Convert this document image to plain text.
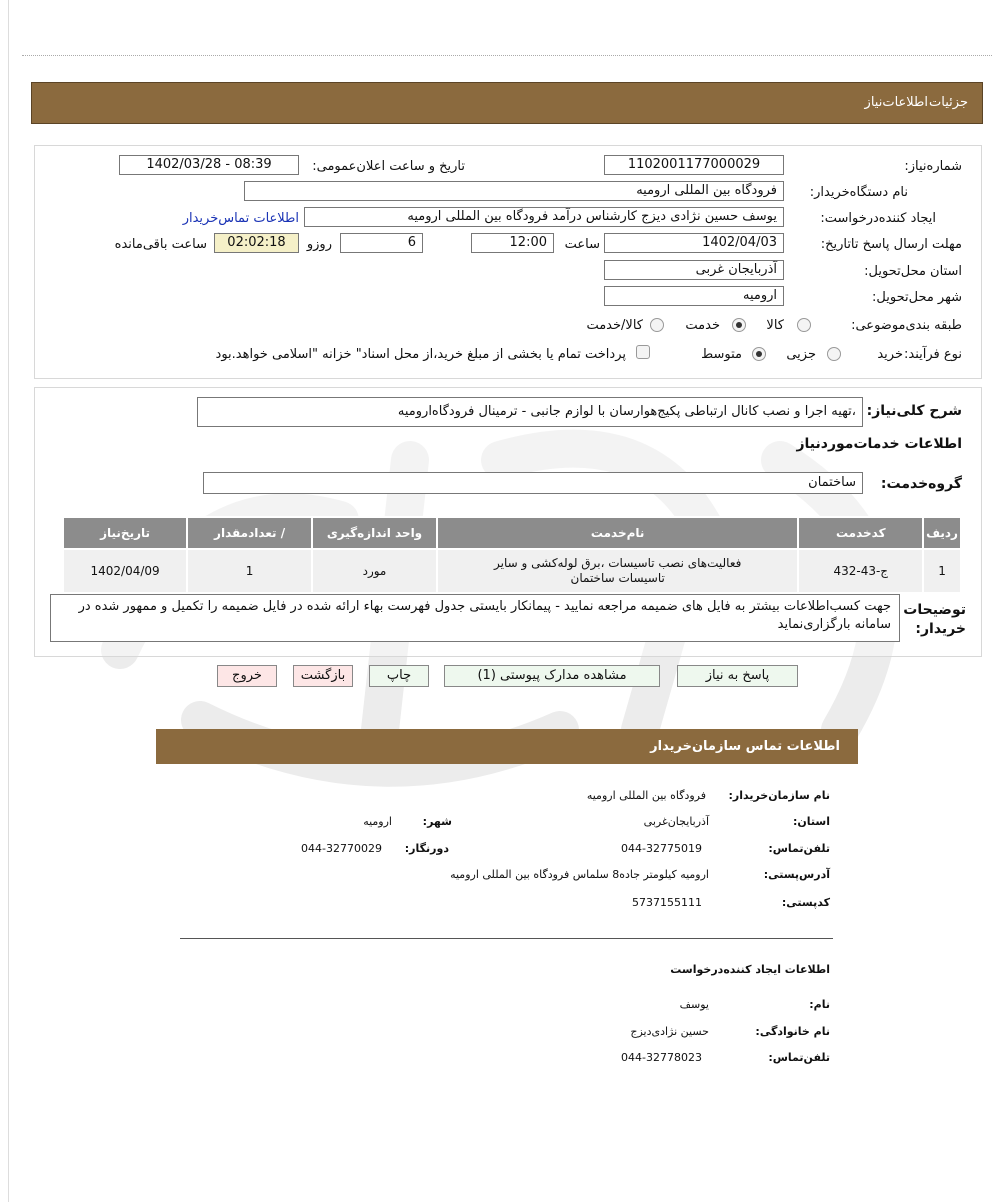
جزئیات
اطلاعات‌نیاز
شماره‌نیاز:
1102001177000029
تاریخ و ساعت اعلان‌عمومی:
1402/03/28 - 08:39
نام دستگاه‌خریدار:
فرودگاه بین المللی ارومیه
ایجاد کننده‌درخواست:
یوسف حسین نژادی دیزج کارشناس درآمد فرودگاه بین المللی ارومیه
اطلاعات تماس‌خریدار
مهلت ارسال پاسخ تا‌تاریخ:
1402/04/03
ساعت
12:00
6
روزو
02:02:18
ساعت باقی‌مانده
استان محل‌تحویل:
آذربایجان غربی
شهر محل‌تحویل:
ارومیه
طبقه بندی‌موضوعی:
کالا
خدمت
کالا/خدمت
نوع فرآیند:
خرید
جزیی
متوسط
پرداخت تمام یا بخشی از مبلغ خرید،از محل اسناد" خزانه "اسلامی خواهد.بود
شرح کلی‌نیاز:
،تهیه اجرا و نصب کانال ارتباطی پکیج‌هوارسان با لوازم جانبی - ترمینال فرودگاه‌ارومیه
اطلاعات خدمات‌موردنیاز
گروه‌خدمت:
ساختمان
تاریخ‌نیاز	/ تعدادمقدار	واحد اندازه‌گیری	نام‌خدمت	کدخدمت	ردیف
1402/04/09	1	مورد	فعالیت‌های نصب تاسیسات ،برق لوله‌کشی و سایر تاسیسات ساختمان	ج-43-432	1
توضیحات خریدار:
جهت کسب‌اطلاعات بیشتر به فایل های ضمیمه مراجعه نمایید - پیمانکار بایستی جدول فهرست بهاء ارائه شده در فایل ضمیمه را تکمیل و ممهور شده در سامانه بارگزاری‌نماید
پاسخ به نیاز
مشاهده مدارک پیوستی (1)
چاپ
بازگشت
خروج
اطلاعات تماس سازمان‌خریدار
نام سازمان‌خریدار:
فرودگاه بین المللی ارومیه
استان:
آذربایجان‌غربی
شهر:
ارومیه
تلفن‌تماس:
044-32775019
دورنگار:
044-32770029
آدرس‌پستی:
ارومیه کیلومتر جاده8 سلماس فرودگاه بین المللی ارومیه
کدپستی:
5737155111
اطلاعات ایجاد کننده‌درخواست
نام:
یوسف
نام خانوادگی:
حسین نژادی‌دیزج
تلفن‌تماس:
044-32778023
